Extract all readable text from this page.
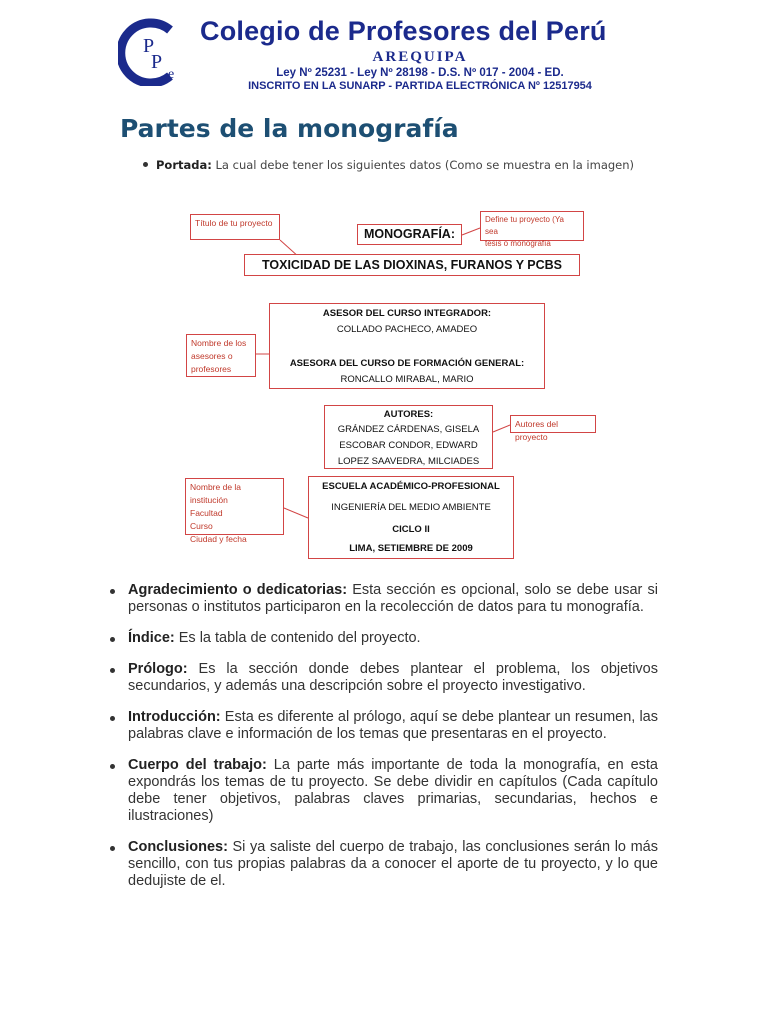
P
P
e
Colegio de Profesores del Perú
AREQUIPA
Ley Nº 25231 - Ley Nº 28198 - D.S. Nº 017 - 2004 - ED.
INSCRITO EN LA SUNARP - PARTIDA ELECTRÓNICA Nº 12517954
Partes de la monografía
Portada: La cual debe tener los siguientes datos (Como se muestra en la imagen)
Título de tu proyecto
MONOGRAFÍA:
Define tu proyecto (Ya sea
tesis o monografía
TOXICIDAD DE LAS DIOXINAS, FURANOS Y PCBS
Nombre de los
asesores o
profesores
ASESOR DEL CURSO INTEGRADOR:
COLLADO PACHECO, AMADEO
ASESORA DEL CURSO DE FORMACIÓN GENERAL:
RONCALLO MIRABAL, MARIO
AUTORES:
GRÁNDEZ CÁRDENAS, GISELA
ESCOBAR CONDOR, EDWARD
LOPEZ SAAVEDRA, MILCIADES
Autores del proyecto
Nombre de la institución
Facultad
Curso
Ciudad y fecha
ESCUELA ACADÉMICO-PROFESIONAL
INGENIERÍA DEL MEDIO AMBIENTE
CICLO II
LIMA, SETIEMBRE DE 2009
Agradecimiento o dedicatorias: Esta sección es opcional, solo se debe usar si personas o institutos participaron en la recolección de datos para tu monografía.
Índice: Es la tabla de contenido del proyecto.
Prólogo: Es la sección donde debes plantear el problema, los objetivos secundarios, y además una descripción sobre el proyecto investigativo.
Introducción: Esta es diferente al prólogo, aquí se debe plantear un resumen, las palabras clave e información de los temas que presentaras en el proyecto.
Cuerpo del trabajo: La parte más importante de toda la monografía, en esta expondrás los temas de tu proyecto. Se debe dividir en capítulos (Cada capítulo debe tener objetivos, palabras claves primarias, secundarias, hechos e ilustraciones)
Conclusiones: Si ya saliste del cuerpo de trabajo, las conclusiones serán lo más sencillo, con tus propias palabras da a conocer el aporte de tu proyecto, y lo que dedujiste de el.
